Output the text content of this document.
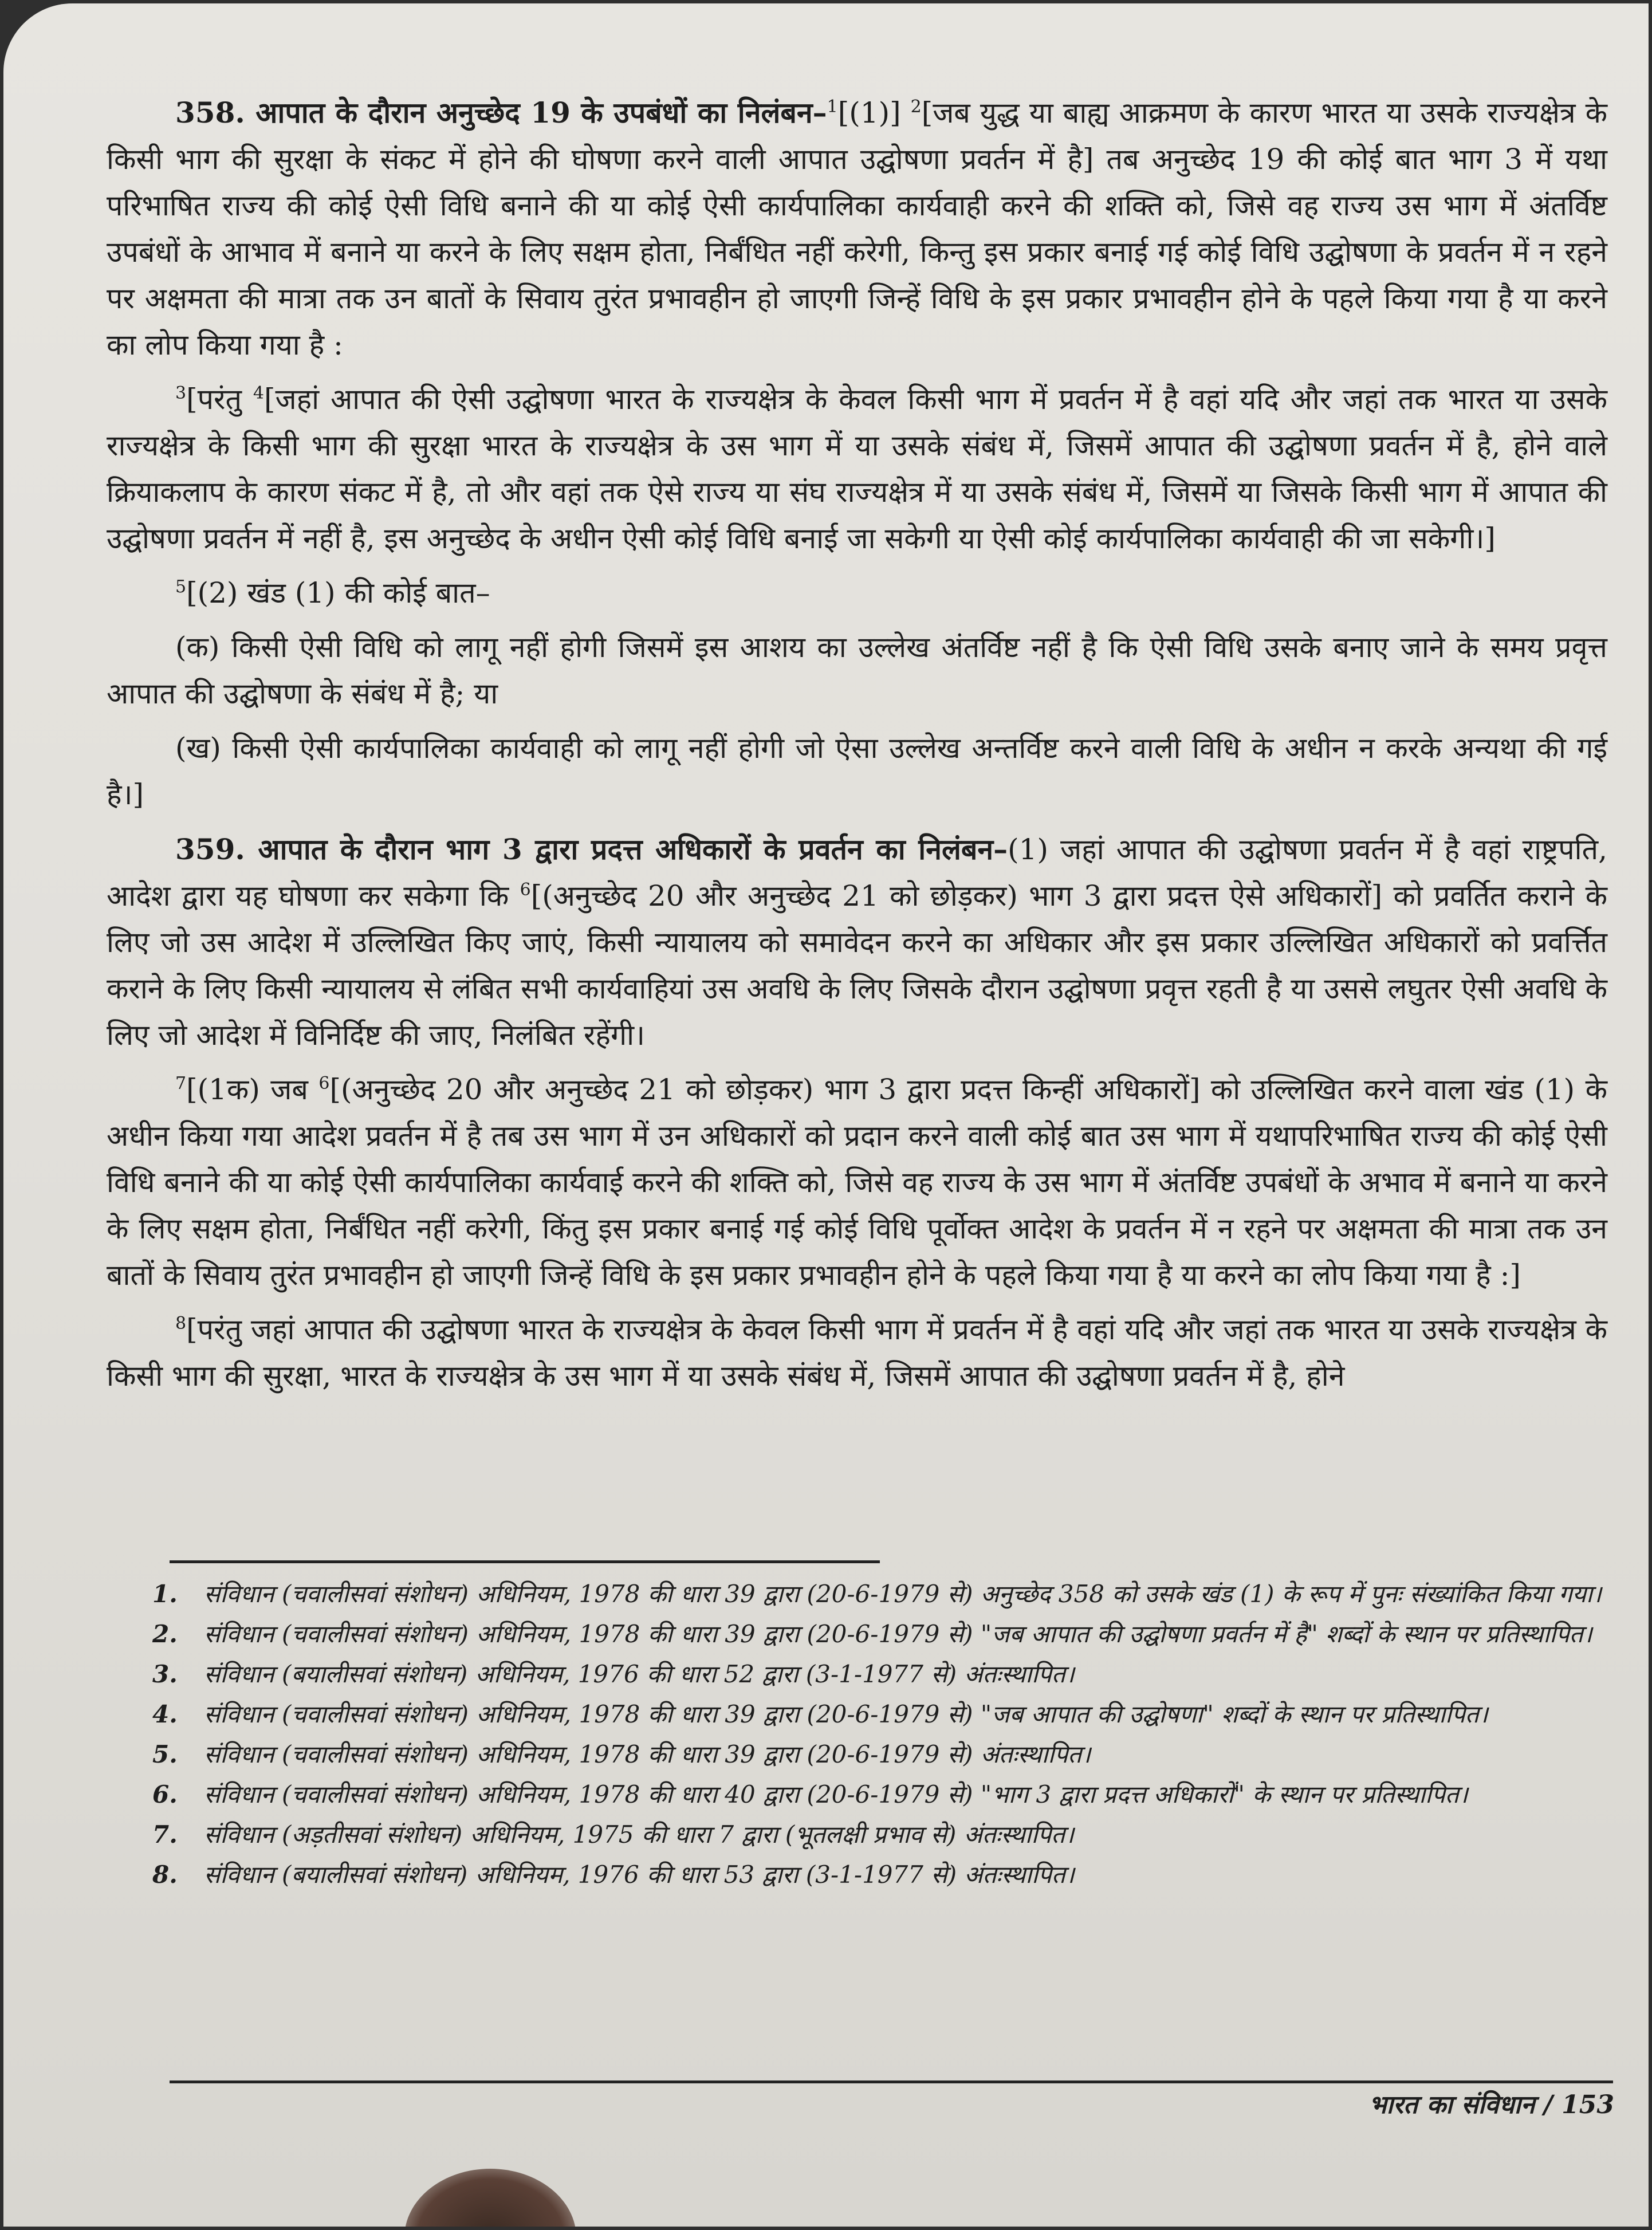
358. आपात के दौरान अनुच्छेद 19 के उपबंधों का निलंबन–$^1$[(1)] $^2$[जब युद्ध या बाह्य आक्रमण के कारण भारत या उसके राज्यक्षेत्र के किसी भाग की सुरक्षा के संकट में होने की घोषणा करने वाली आपात उद्घोषणा प्रवर्तन में है] तब अनुच्छेद 19 की कोई बात भाग 3 में यथा परिभाषित राज्य की कोई ऐसी विधि बनाने की या कोई ऐसी कार्यपालिका कार्यवाही करने की शक्ति को, जिसे वह राज्य उस भाग में अंतर्विष्ट उपबंधों के आभाव में बनाने या करने के लिए सक्षम होता, निर्बंधित नहीं करेगी, किन्तु इस प्रकार बनाई गई कोई विधि उद्घोषणा के प्रवर्तन में न रहने पर अक्षमता की मात्रा तक उन बातों के सिवाय तुरंत प्रभावहीन हो जाएगी जिन्हें विधि के इस प्रकार प्रभावहीन होने के पहले किया गया है या करने का लोप किया गया है :

$^3$[परंतु $^4$[जहां आपात की ऐसी उद्घोषणा भारत के राज्यक्षेत्र के केवल किसी भाग में प्रवर्तन में है वहां यदि और जहां तक भारत या उसके राज्यक्षेत्र के किसी भाग की सुरक्षा भारत के राज्यक्षेत्र के उस भाग में या उसके संबंध में, जिसमें आपात की उद्घोषणा प्रवर्तन में है, होने वाले क्रियाकलाप के कारण संकट में है, तो और वहां तक ऐसे राज्य या संघ राज्यक्षेत्र में या उसके संबंध में, जिसमें या जिसके किसी भाग में आपात की उद्घोषणा प्रवर्तन में नहीं है, इस अनुच्छेद के अधीन ऐसी कोई विधि बनाई जा सकेगी या ऐसी कोई कार्यपालिका कार्यवाही की जा सकेगी।]

$^5$[(2) खंड (1) की कोई बात–

(क) किसी ऐसी विधि को लागू नहीं होगी जिसमें इस आशय का उल्लेख अंतर्विष्ट नहीं है कि ऐसी विधि उसके बनाए जाने के समय प्रवृत्त आपात की उद्घोषणा के संबंध में है; या

(ख) किसी ऐसी कार्यपालिका कार्यवाही को लागू नहीं होगी जो ऐसा उल्लेख अन्तर्विष्ट करने वाली विधि के अधीन न करके अन्यथा की गई है।]

359. आपात के दौरान भाग 3 द्वारा प्रदत्त अधिकारों के प्रवर्तन का निलंबन–(1) जहां आपात की उद्घोषणा प्रवर्तन में है वहां राष्ट्रपति, आदेश द्वारा यह घोषणा कर सकेगा कि $^6$[(अनुच्छेद 20 और अनुच्छेद 21 को छोड़कर) भाग 3 द्वारा प्रदत्त ऐसे अधिकारों] को प्रवर्तित कराने के लिए जो उस आदेश में उल्लिखित किए जाएं, किसी न्यायालय को समावेदन करने का अधिकार और इस प्रकार उल्लिखित अधिकारों को प्रवर्त्तित कराने के लिए किसी न्यायालय से लंबित सभी कार्यवाहियां उस अवधि के लिए जिसके दौरान उद्घोषणा प्रवृत्त रहती है या उससे लघुतर ऐसी अवधि के लिए जो आदेश में विनिर्दिष्ट की जाए, निलंबित रहेंगी।

$^7$[(1क) जब $^6$[(अनुच्छेद 20 और अनुच्छेद 21 को छोड़कर) भाग 3 द्वारा प्रदत्त किन्हीं अधिकारों] को उल्लिखित करने वाला खंड (1) के अधीन किया गया आदेश प्रवर्तन में है तब उस भाग में उन अधिकारों को प्रदान करने वाली कोई बात उस भाग में यथापरिभाषित राज्य की कोई ऐसी विधि बनाने की या कोई ऐसी कार्यपालिका कार्यवाई करने की शक्ति को, जिसे वह राज्य के उस भाग में अंतर्विष्ट उपबंधों के अभाव में बनाने या करने के लिए सक्षम होता, निर्बंधित नहीं करेगी, किंतु इस प्रकार बनाई गई कोई विधि पूर्वोक्त आदेश के प्रवर्तन में न रहने पर अक्षमता की मात्रा तक उन बातों के सिवाय तुरंत प्रभावहीन हो जाएगी जिन्हें विधि के इस प्रकार प्रभावहीन होने के पहले किया गया है या करने का लोप किया गया है :]

$^8$[परंतु जहां आपात की उद्घोषणा भारत के राज्यक्षेत्र के केवल किसी भाग में प्रवर्तन में है वहां यदि और जहां तक भारत या उसके राज्यक्षेत्र के किसी भाग की सुरक्षा, भारत के राज्यक्षेत्र के उस भाग में या उसके संबंध में, जिसमें आपात की उद्घोषणा प्रवर्तन में है, होने

1. संविधान (चवालीसवां संशोधन) अधिनियम, 1978 की धारा 39 द्वारा (20-6-1979 से) अनुच्छेद 358 को उसके खंड (1) के रूप में पुनः संख्यांकित किया गया।
2. संविधान (चवालीसवां संशोधन) अधिनियम, 1978 की धारा 39 द्वारा (20-6-1979 से) "जब आपात की उद्घोषणा प्रवर्तन में है" शब्दों के स्थान पर प्रतिस्थापित।
3. संविधान (बयालीसवां संशोधन) अधिनियम, 1976 की धारा 52 द्वारा (3-1-1977 से) अंतःस्थापित।
4. संविधान (चवालीसवां संशोधन) अधिनियम, 1978 की धारा 39 द्वारा (20-6-1979 से) "जब आपात की उद्घोषणा" शब्दों के स्थान पर प्रतिस्थापित।
5. संविधान (चवालीसवां संशोधन) अधिनियम, 1978 की धारा 39 द्वारा (20-6-1979 से) अंतःस्थापित।
6. संविधान (चवालीसवां संशोधन) अधिनियम, 1978 की धारा 40 द्वारा (20-6-1979 से) "भाग 3 द्वारा प्रदत्त अधिकारों" के स्थान पर प्रतिस्थापित।
7. संविधान (अड़तीसवां संशोधन) अधिनियम, 1975 की धारा 7 द्वारा (भूतलक्षी प्रभाव से) अंतःस्थापित।
8. संविधान (बयालीसवां संशोधन) अधिनियम, 1976 की धारा 53 द्वारा (3-1-1977 से) अंतःस्थापित।
भारत का संविधान / 153
